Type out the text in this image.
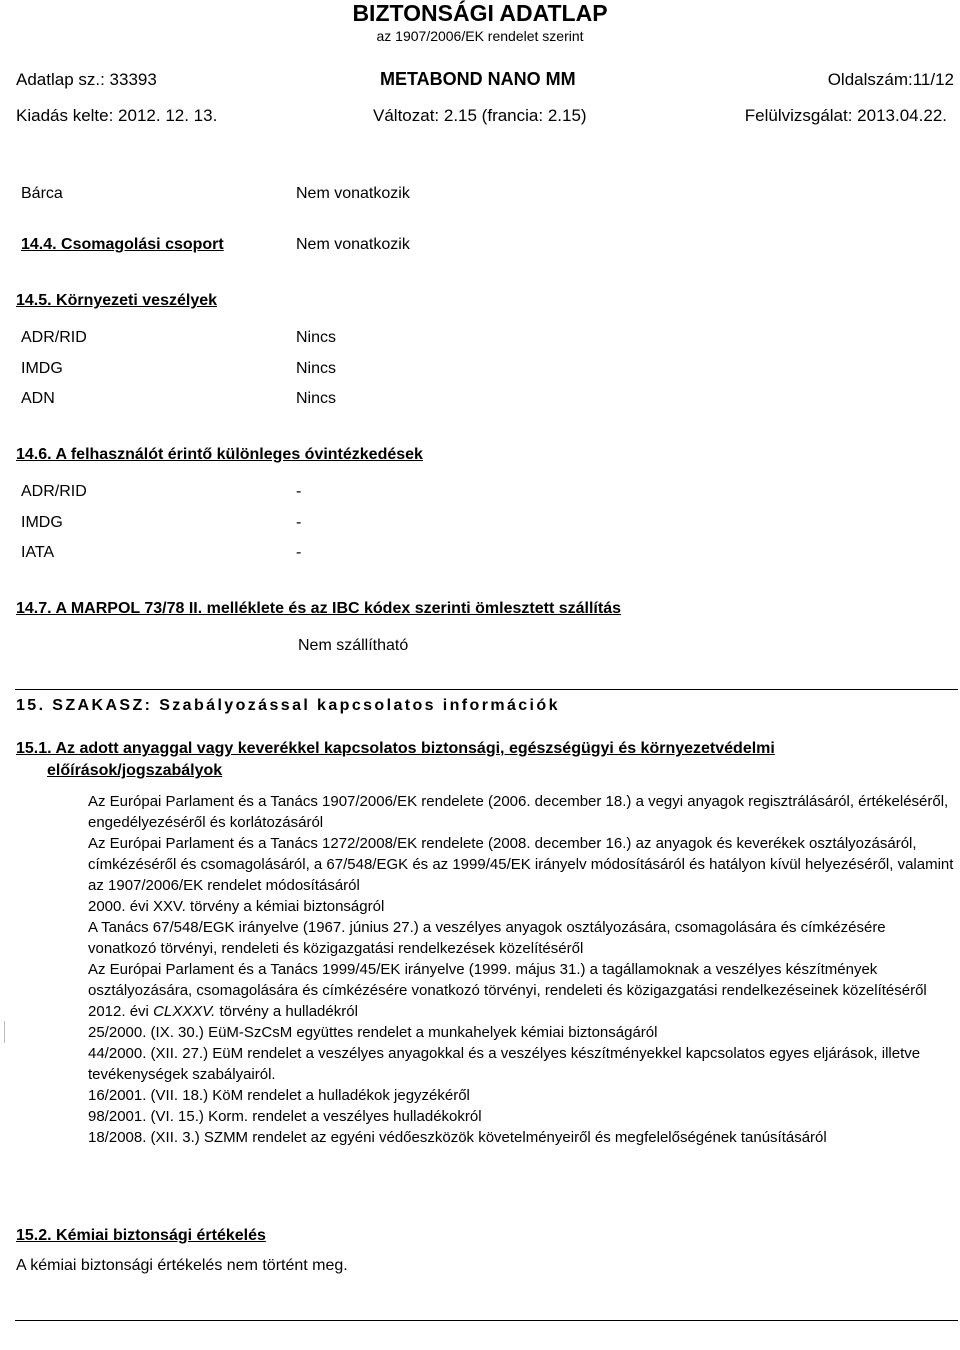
BIZTONSÁGI ADATLAP
az 1907/2006/EK rendelet szerint
Adatlap sz.: 33393	METABOND NANO MM	Oldalszám:11/12
Kiadás kelte: 2012. 12. 13.	Változat: 2.15 (francia: 2.15)	Felülvizsgálat: 2013.04.22.
Bárca	Nem vonatkozik
14.4. Csomagolási csoport	Nem vonatkozik
14.5. Környezeti veszélyek
ADR/RID	Nincs
IMDG	Nincs
ADN	Nincs
14.6. A felhasználót érintő különleges óvintézkedések
ADR/RID	-
IMDG	-
IATA	-
14.7. A MARPOL 73/78 II. melléklete és az IBC kódex szerinti ömlesztett szállítás
Nem szállítható
15. SZAKASZ: Szabályozással kapcsolatos információk
15.1. Az adott anyaggal vagy keverékkel kapcsolatos biztonsági, egészségügyi és környezetvédelmi
előírások/jogszabályok

Az Európai Parlament és a Tanács 1907/2006/EK rendelete (2006. december 18.) a vegyi anyagok regisztrálásáról, értékeléséről, engedélyezéséről és korlátozásáról

Az Európai Parlament és a Tanács 1272/2008/EK rendelete (2008. december 16.) az anyagok és keverékek osztályozásáról, címkézéséről és csomagolásáról, a 67/548/EGK és az 1999/45/EK irányelv módosításáról és hatályon kívül helyezéséről, valamint az 1907/2006/EK rendelet módosításáról

2000. évi XXV. törvény a kémiai biztonságról

A Tanács 67/548/EGK irányelve (1967. június 27.) a veszélyes anyagok osztályozására, csomagolására és címkézésére vonatkozó törvényi, rendeleti és közigazgatási rendelkezések közelítéséről

Az Európai Parlament és a Tanács 1999/45/EK irányelve (1999. május 31.) a tagállamoknak a veszélyes készítmények osztályozására, csomagolására és címkézésére vonatkozó törvényi, rendeleti és közigazgatási rendelkezéseinek közelítéséről

2012. évi CLXXXV. törvény a hulladékról

25/2000. (IX. 30.) EüM-SzCsM együttes rendelet a munkahelyek kémiai biztonságáról

44/2000. (XII. 27.) EüM rendelet a veszélyes anyagokkal és a veszélyes készítményekkel kapcsolatos egyes eljárások, illetve tevékenységek szabályairól.

16/2001. (VII. 18.) KöM rendelet a hulladékok jegyzékéről

98/2001. (VI. 15.) Korm. rendelet a veszélyes hulladékokról

18/2008. (XII. 3.) SZMM rendelet az egyéni védőeszközök követelményeiről és megfelelőségének tanúsításáról

15.2. Kémiai biztonsági értékelés
A kémiai biztonsági értékelés nem történt meg.
